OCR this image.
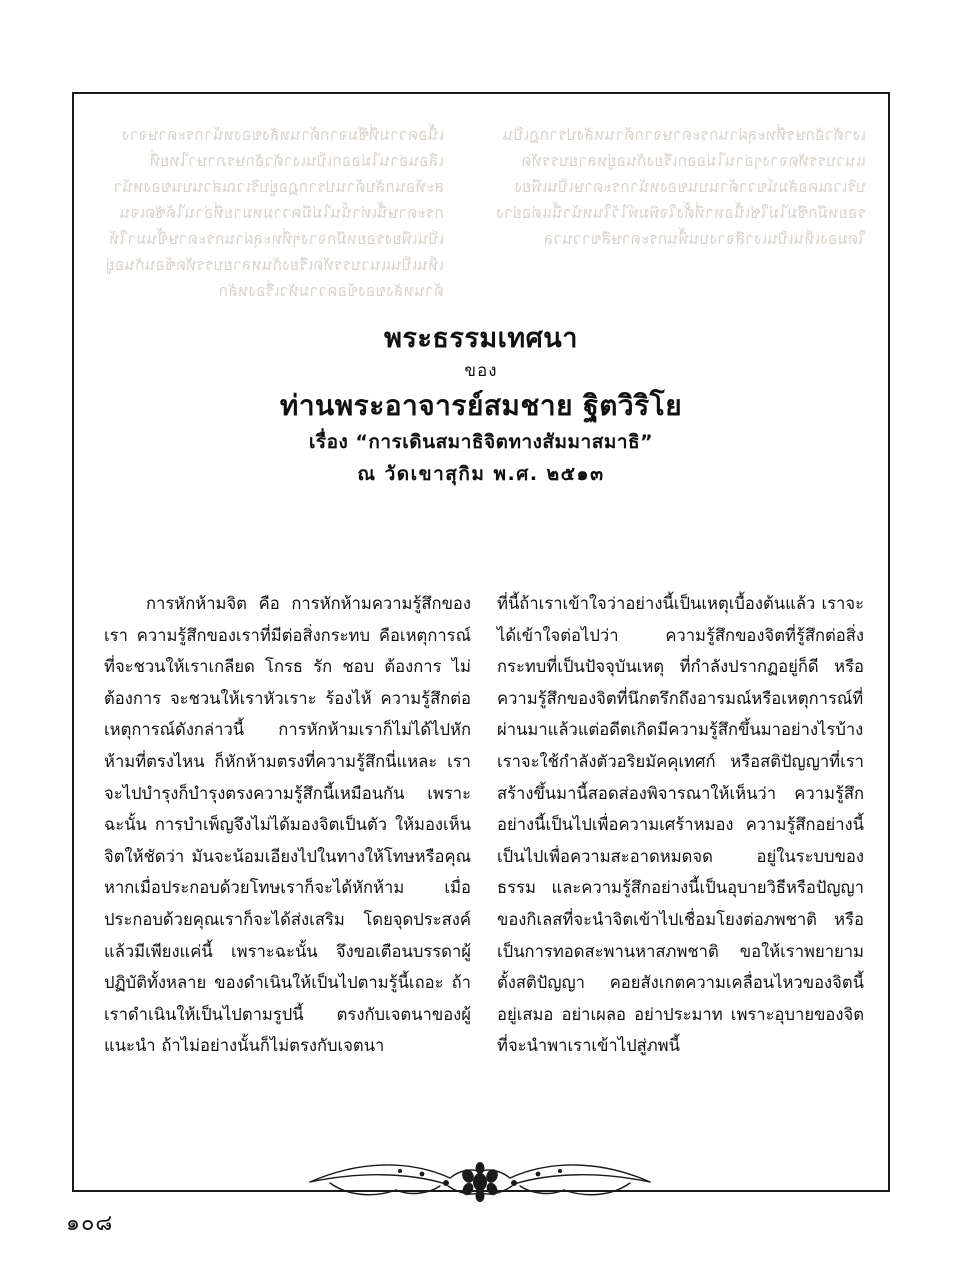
เนื้อความที่ซึมจากด้านหลังของหน้ากระดาษจางเลือนอ่านไม่ออกเป็นเงาตัวอักษรภาษาไทยที่สะท้อนกลับด้านปรากฏอยู่บริเวณส่วนบนของหน้ากระดาษนี้เท่านั้นไม่มีความหมายที่อ่านได้ชัดเจนเป็นเพียงรอยหมึกจางๆที่ทะลุผ่านกระดาษขึ้นมาให้เห็นเป็นแนวบรรทัดเรียงกันหลายบรรทัดซ้อนกันอยู่ด้านหลังของข้อความหัวเรื่องหลัก
เงาตัวอักษรที่ทะลุผ่านกระดาษจากด้านหลังปรากฏเป็นแนวบรรทัดจางๆอ่านไม่ออกเรียงกันอยู่หลายบรรทัดบริเวณคอลัมน์ขวาด้านบนของหน้ากระดาษเป็นเพียงรอยหมึกซึมไม่ใช่เนื้อหาที่ตั้งใจพิมพ์ไว้ในหน้านี้แต่อย่างใดมองเห็นเป็นเงาสีจางบนพื้นกระดาษสีขาวนวล
พระธรรมเทศนา
ของ
ท่านพระอาจารย์สมชาย ฐิตวิริโย
เรื่อง “การเดินสมาธิจิตทางสัมมาสมาธิ”
ณ วัดเขาสุกิม พ.ศ. ๒๕๑๓

การหักห้ามจิต คือ การหักห้ามความรู้สึกของเรา ความรู้สึกของเราที่มีต่อสิ่งกระทบ คือเหตุการณ์ที่จะชวนให้เราเกลียด โกรธ รัก ชอบ ต้องการ ไม่ต้องการ จะชวนให้เราหัวเราะ ร้องไห้ ความรู้สึกต่อเหตุการณ์ดังกล่าวนี้ การหักห้ามเราก็ไม่ได้ไปหักห้ามที่ตรงไหน ก็หักห้ามตรงที่ความรู้สึกนี่แหละ เราจะไปบำรุงก็บำรุงตรงความรู้สึกนี้เหมือนกัน เพราะฉะนั้น การบำเพ็ญจึงไม่ได้มองจิตเป็นตัว ให้มองเห็นจิตให้ชัดว่า มันจะน้อมเอียงไปในทางให้โทษหรือคุณ หากเมื่อประกอบด้วยโทษเราก็จะได้หักห้าม เมื่อประกอบด้วยคุณเราก็จะได้ส่งเสริม โดยจุดประสงค์แล้วมีเพียงแค่นี้ เพราะฉะนั้น จึงขอเตือนบรรดาผู้ปฏิบัติทั้งหลาย ของดำเนินให้เป็นไปตามรู้นี้เถอะ ถ้าเราดำเนินให้เป็นไปตามรูปนี้ ตรงกับเจตนาของผู้แนะนำ ถ้าไม่อย่างนั้นก็ไม่ตรงกับเจตนา

ที่นี้ถ้าเราเข้าใจว่าอย่างนี้เป็นเหตุเบื้องต้นแล้ว เราจะได้เข้าใจต่อไปว่า ความรู้สึกของจิตที่รู้สึกต่อสิ่งกระทบที่เป็นปัจจุบันเหตุ ที่กำลังปรากฏอยู่ก็ดี หรือความรู้สึกของจิตที่นึกตรึกถึงอารมณ์หรือเหตุการณ์ที่ผ่านมาแล้วแต่อดีตเกิดมีความรู้สึกขึ้นมาอย่างไรบ้าง เราจะใช้กำลังตัวอริยมัคคุเทศก์ หรือสติปัญญาที่เราสร้างขึ้นมานี้สอดส่องพิจารณาให้เห็นว่า ความรู้สึกอย่างนี้เป็นไปเพื่อความเศร้าหมอง ความรู้สึกอย่างนี้เป็นไปเพื่อความสะอาดหมดจด อยู่ในระบบของธรรม และความรู้สึกอย่างนี้เป็นอุบายวิธีหรือปัญญาของกิเลสที่จะนำจิตเข้าไปเชื่อมโยงต่อภพชาติ หรือเป็นการทอดสะพานหาสภพชาติ ขอให้เราพยายามตั้งสติปัญญา คอยสังเกตความเคลื่อนไหวของจิตนี้อยู่เสมอ อย่าเผลอ อย่าประมาท เพราะอุบายของจิตที่จะนำพาเราเข้าไปสู่ภพนี้

๑๐๘
